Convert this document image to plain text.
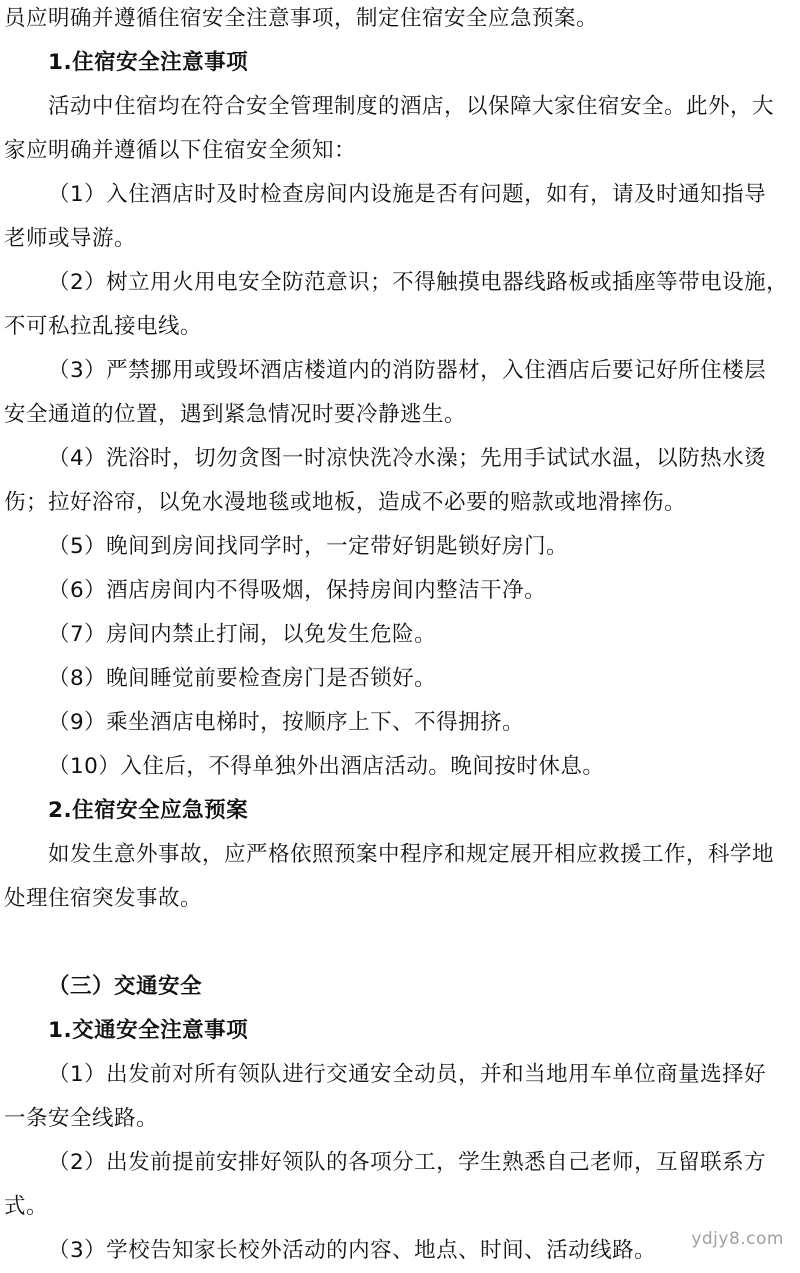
员应明确并遵循住宿安全注意事项，制定住宿安全应急预案。
1.住宿安全注意事项
活动中住宿均在符合安全管理制度的酒店，以保障大家住宿安全。此外，大
家应明确并遵循以下住宿安全须知：
（1）入住酒店时及时检查房间内设施是否有问题，如有，请及时通知指导
老师或导游。
（2）树立用火用电安全防范意识；不得触摸电器线路板或插座等带电设施，
不可私拉乱接电线。
（3）严禁挪用或毁坏酒店楼道内的消防器材，入住酒店后要记好所住楼层
安全通道的位置，遇到紧急情况时要冷静逃生。
（4）洗浴时，切勿贪图一时凉快洗冷水澡；先用手试试水温，以防热水烫
伤；拉好浴帘，以免水漫地毯或地板，造成不必要的赔款或地滑摔伤。
（5）晚间到房间找同学时，一定带好钥匙锁好房门。
（6）酒店房间内不得吸烟，保持房间内整洁干净。
（7）房间内禁止打闹，以免发生危险。
（8）晚间睡觉前要检查房门是否锁好。
（9）乘坐酒店电梯时，按顺序上下、不得拥挤。
（10）入住后，不得单独外出酒店活动。晚间按时休息。
2.住宿安全应急预案
如发生意外事故，应严格依照预案中程序和规定展开相应救援工作，科学地
处理住宿突发事故。
（三）交通安全
1.交通安全注意事项
（1）出发前对所有领队进行交通安全动员，并和当地用车单位商量选择好
一条安全线路。
（2）出发前提前安排好领队的各项分工，学生熟悉自己老师，互留联系方
式。
（3）学校告知家长校外活动的内容、地点、时间、活动线路。	ydjy8.com
